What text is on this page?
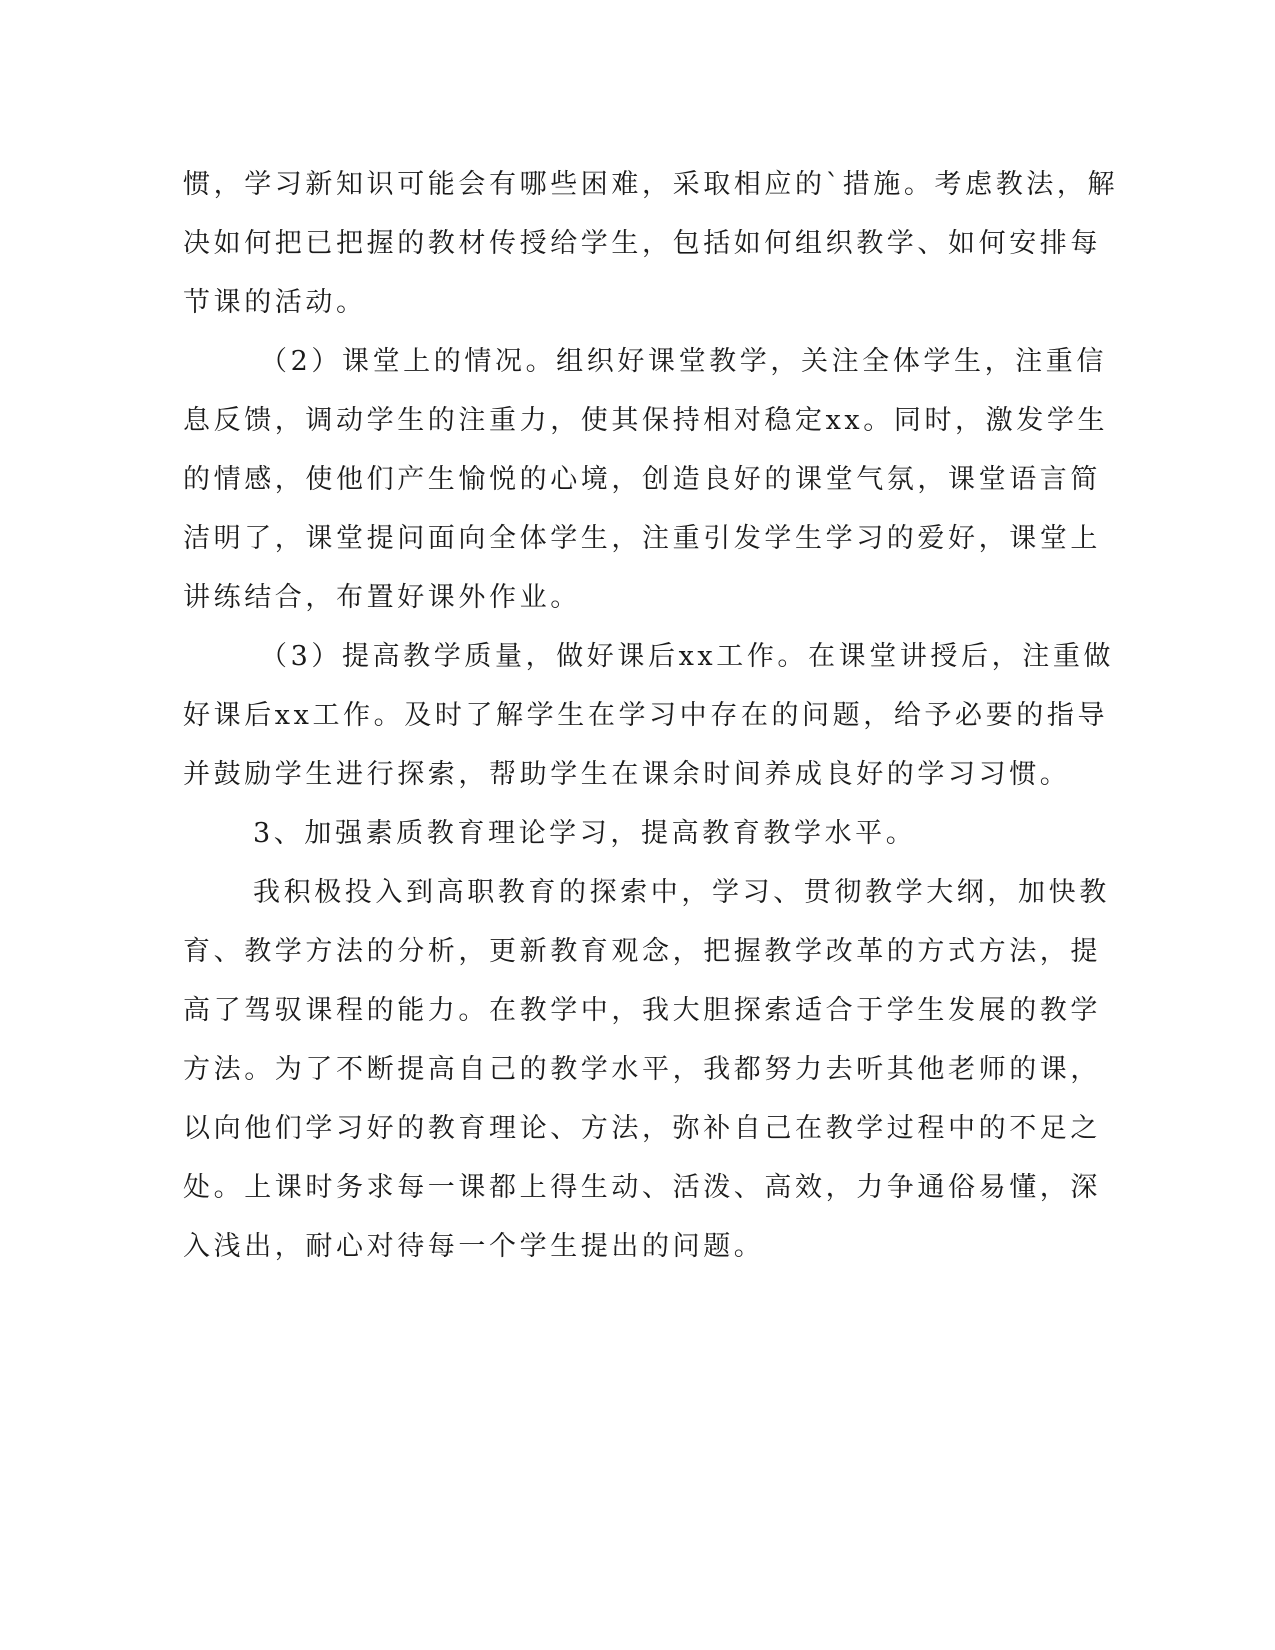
惯，学习新知识可能会有哪些困难，采取相应的`措施。考虑教法，解
决如何把已把握的教材传授给学生，包括如何组织教学、如何安排每
节课的活动。
（2）课堂上的情况。组织好课堂教学，关注全体学生，注重信
息反馈，调动学生的注重力，使其保持相对稳定xx。同时，激发学生
的情感，使他们产生愉悦的心境，创造良好的课堂气氛，课堂语言简
洁明了，课堂提问面向全体学生，注重引发学生学习的爱好，课堂上
讲练结合，布置好课外作业。
（3）提高教学质量，做好课后xx工作。在课堂讲授后，注重做
好课后xx工作。及时了解学生在学习中存在的问题，给予必要的指导
并鼓励学生进行探索，帮助学生在课余时间养成良好的学习习惯。
3、加强素质教育理论学习，提高教育教学水平。
我积极投入到高职教育的探索中，学习、贯彻教学大纲，加快教
育、教学方法的分析，更新教育观念，把握教学改革的方式方法，提
高了驾驭课程的能力。在教学中，我大胆探索适合于学生发展的教学
方法。为了不断提高自己的教学水平，我都努力去听其他老师的课，
以向他们学习好的教育理论、方法，弥补自己在教学过程中的不足之
处。上课时务求每一课都上得生动、活泼、高效，力争通俗易懂，深
入浅出，耐心对待每一个学生提出的问题。
